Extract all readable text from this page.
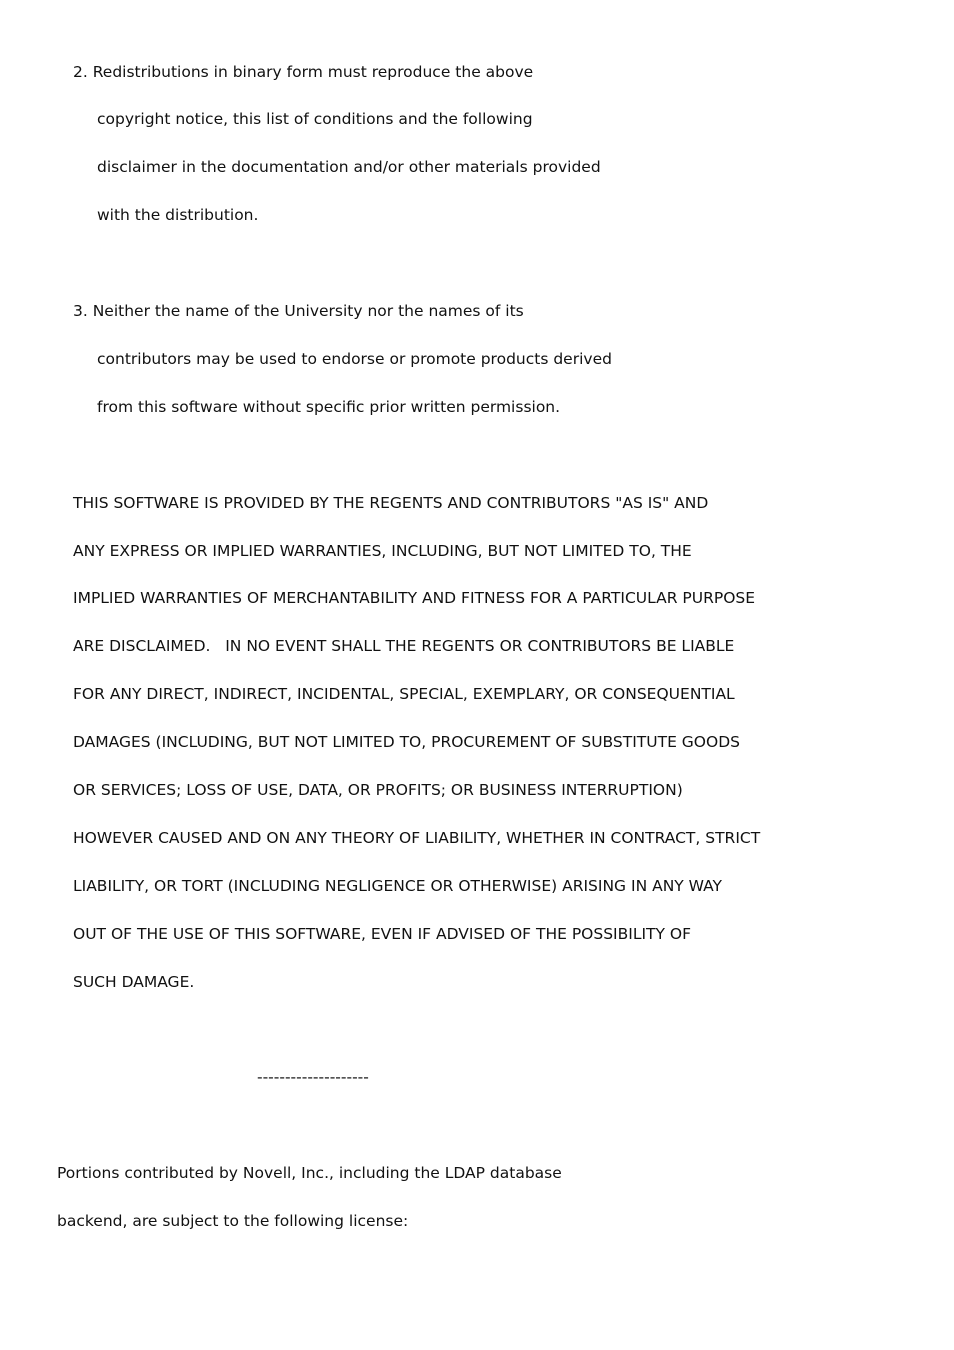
2. Redistributions in binary form must reproduce the above
copyright notice, this list of conditions and the following
disclaimer in the documentation and/or other materials provided
with the distribution.
3. Neither the name of the University nor the names of its
contributors may be used to endorse or promote products derived
from this software without specific prior written permission.
THIS SOFTWARE IS PROVIDED BY THE REGENTS AND CONTRIBUTORS "AS IS" AND
ANY EXPRESS OR IMPLIED WARRANTIES, INCLUDING, BUT NOT LIMITED TO, THE
IMPLIED WARRANTIES OF MERCHANTABILITY AND FITNESS FOR A PARTICULAR PURPOSE
ARE DISCLAIMED.   IN NO EVENT SHALL THE REGENTS OR CONTRIBUTORS BE LIABLE
FOR ANY DIRECT, INDIRECT, INCIDENTAL, SPECIAL, EXEMPLARY, OR CONSEQUENTIAL
DAMAGES (INCLUDING, BUT NOT LIMITED TO, PROCUREMENT OF SUBSTITUTE GOODS
OR SERVICES; LOSS OF USE, DATA, OR PROFITS; OR BUSINESS INTERRUPTION)
HOWEVER CAUSED AND ON ANY THEORY OF LIABILITY, WHETHER IN CONTRACT, STRICT
LIABILITY, OR TORT (INCLUDING NEGLIGENCE OR OTHERWISE) ARISING IN ANY WAY
OUT OF THE USE OF THIS SOFTWARE, EVEN IF ADVISED OF THE POSSIBILITY OF
SUCH DAMAGE.
--------------------
Portions contributed by Novell, Inc., including the LDAP database
backend, are subject to the following license:
